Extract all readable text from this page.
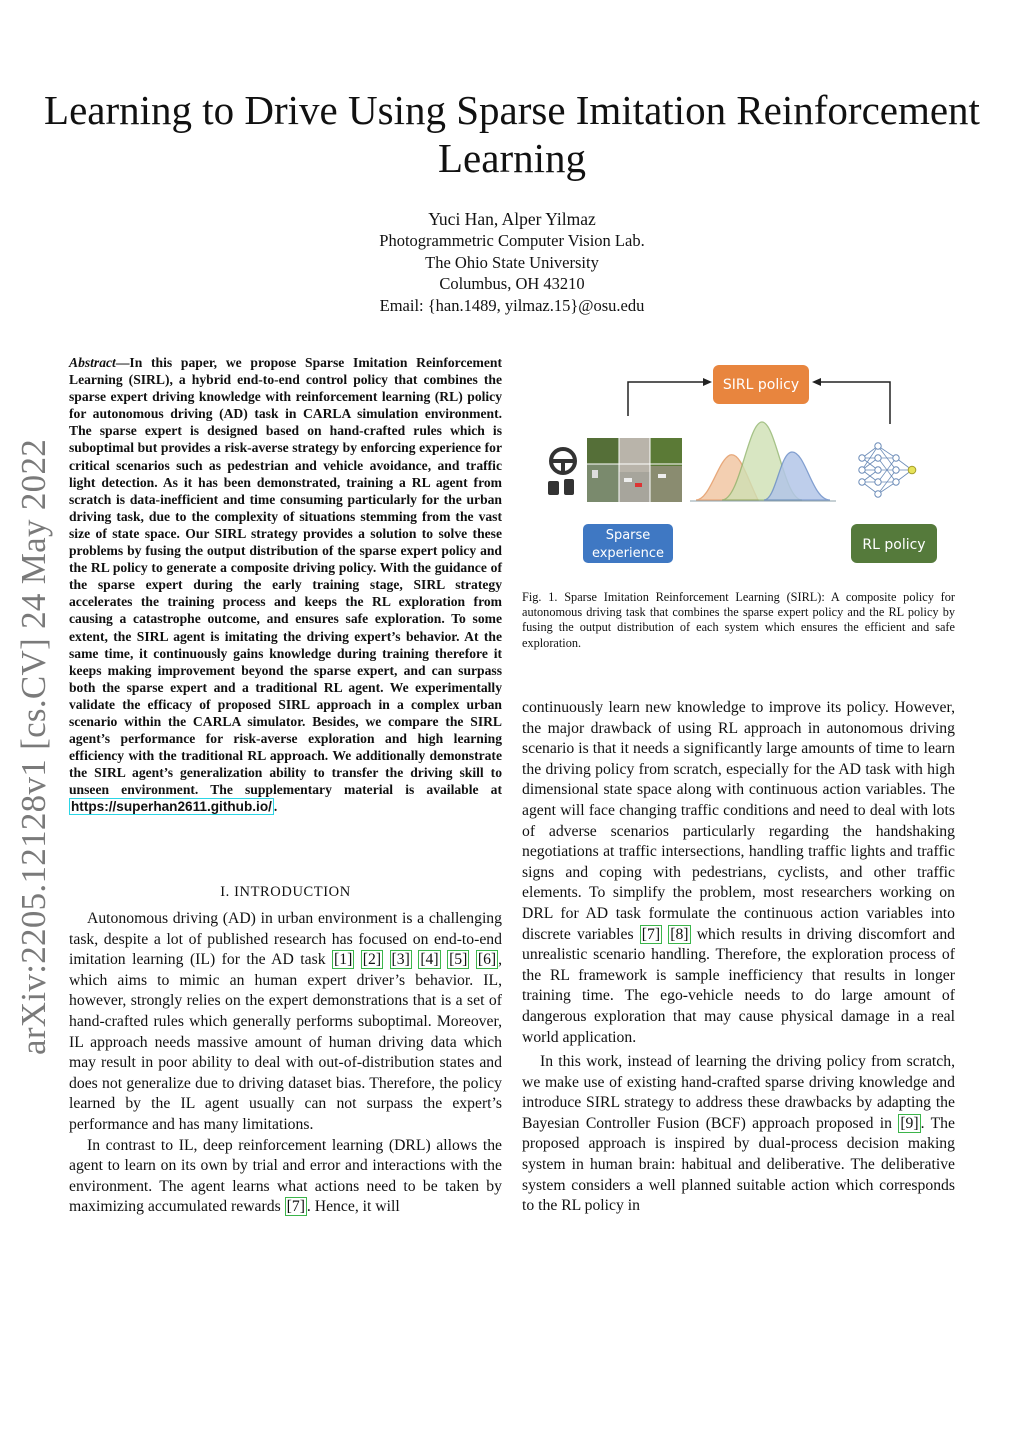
Learning to Drive Using Sparse Imitation Reinforcement Learning
Yuci Han, Alper Yilmaz
Photogrammetric Computer Vision Lab.
The Ohio State University
Columbus, OH 43210
Email: {han.1489, yilmaz.15}@osu.edu
arXiv:2205.12128v1 [cs.CV] 24 May 2022
Abstract—In this paper, we propose Sparse Imitation Reinforcement Learning (SIRL), a hybrid end-to-end control policy that combines the sparse expert driving knowledge with reinforcement learning (RL) policy for autonomous driving (AD) task in CARLA simulation environment. The sparse expert is designed based on hand-crafted rules which is suboptimal but provides a risk-averse strategy by enforcing experience for critical scenarios such as pedestrian and vehicle avoidance, and traffic light detection. As it has been demonstrated, training a RL agent from scratch is data-inefficient and time consuming particularly for the urban driving task, due to the complexity of situations stemming from the vast size of state space. Our SIRL strategy provides a solution to solve these problems by fusing the output distribution of the sparse expert policy and the RL policy to generate a composite driving policy. With the guidance of the sparse expert during the early training stage, SIRL strategy accelerates the training process and keeps the RL exploration from causing a catastrophe outcome, and ensures safe exploration. To some extent, the SIRL agent is imitating the driving expert’s behavior. At the same time, it continuously gains knowledge during training therefore it keeps making improvement beyond the sparse expert, and can surpass both the sparse expert and a traditional RL agent. We experimentally validate the efficacy of proposed SIRL approach in a complex urban scenario within the CARLA simulator. Besides, we compare the SIRL agent’s performance for risk-averse exploration and high learning efficiency with the traditional RL approach. We additionally demonstrate the SIRL agent’s generalization ability to transfer the driving skill to unseen environment. The supplementary material is available at https://superhan2611.github.io/ .
I. INTRODUCTION

Autonomous driving (AD) in urban environment is a challenging task, despite a lot of published research has focused on end-to-end imitation learning (IL) for the AD task [1] [2] [3] [4] [5] [6] , which aims to mimic an human expert driver’s behavior. IL, however, strongly relies on the expert demonstrations that is a set of hand-crafted rules which generally performs suboptimal. Moreover, IL approach needs massive amount of human driving data which may result in poor ability to deal with out-of-distribution states and does not generalize due to driving dataset bias. Therefore, the policy learned by the IL agent usually can not surpass the expert’s performance and has many limitations.

In contrast to IL, deep reinforcement learning (DRL) allows the agent to learn on its own by trial and error and interactions with the environment. The agent learns what actions need to be taken by maximizing accumulated rewards [7] . Hence, it will

SIRL policy
Sparse
experience
RL policy
Fig. 1. Sparse Imitation Reinforcement Learning (SIRL): A composite policy for autonomous driving task that combines the sparse expert policy and the RL policy by fusing the output distribution of each system which ensures the efficient and safe exploration.

continuously learn new knowledge to improve its policy. However, the major drawback of using RL approach in autonomous driving scenario is that it needs a significantly large amounts of time to learn the driving policy from scratch, especially for the AD task with high dimensional state space along with continuous action variables. The agent will face changing traffic conditions and need to deal with lots of adverse scenarios particularly regarding the handshaking negotiations at traffic intersections, handling traffic lights and traffic signs and coping with pedestrians, cyclists, and other traffic elements. To simplify the problem, most researchers working on DRL for AD task formulate the continuous action variables into discrete variables [7] [8] which results in driving discomfort and unrealistic scenario handling. Therefore, the exploration process of the RL framework is sample inefficiency that results in longer training time. The ego-vehicle needs to do large amount of dangerous exploration that may cause physical damage in a real world application.

In this work, instead of learning the driving policy from scratch, we make use of existing hand-crafted sparse driving knowledge and introduce SIRL strategy to address these drawbacks by adapting the Bayesian Controller Fusion (BCF) approach proposed in [9] . The proposed approach is inspired by dual-process decision making system in human brain: habitual and deliberative. The deliberative system considers a well planned suitable action which corresponds to the RL policy in
